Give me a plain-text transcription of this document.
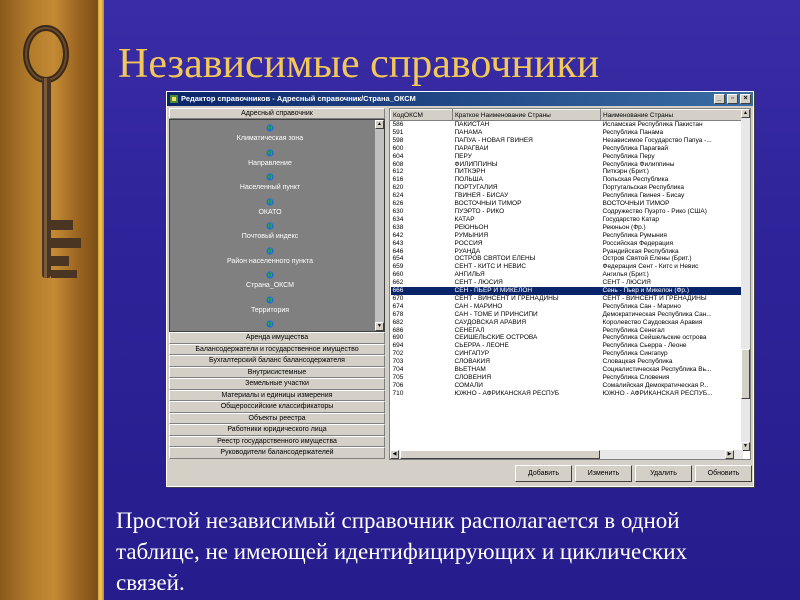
Независимые справочники
Редактор справочников - Адресный справочник/Страна_ОКСМ	_	▫	×
Адресный справочник
▲
▼
Климатическая зона
Направление
Населенный пункт
ОКАТО
Почтовый индекс
Район населенного пункта
Страна_ОКСМ
Территория
Аренда имущества
Балансодержатели и государственное имущество
Бухгалтерский баланс балансодержателя
Внутрисистемные
Земельные участки
Материалы и единицы измерения
Общероссийские классификаторы
Объекты реестра
Работники юридического лица
Реестр государственного имущества
Руководители балансодержателей
КодОКСМ	Краткое Наименование Страны	Наименование Страны
586	ПАКИСТАН	Исламская Республика Пакистан
591	ПАНАМА	Республика Панама
598	ПАПУА - НОВАЯ ГВИНЕЯ	Независимое Государство Папуа -...
600	ПАРАГВАЙ	Республика Парагвай
604	ПЕРУ	Республика Перу
608	ФИЛИППИНЫ	Республика Филиппины
612	ПИТКЭРН	Питкэрн (Брит.)
616	ПОЛЬША	Польская Республика
620	ПОРТУГАЛИЯ	Португальская Республика
624	ГВИНЕЯ - БИСАУ	Республика Гвинея - Бисау
626	ВОСТОЧНЫЙ ТИМОР	ВОСТОЧНЫЙ ТИМОР
630	ПУЭРТО - РИКО	Содружество Пуэрто - Рико (США)
634	КАТАР	Государство Катар
638	РЕЮНЬОН	Реюньон (Фр.)
642	РУМЫНИЯ	Республика Румыния
643	РОССИЯ	Российская Федерация
646	РУАНДА	Руандийская Республика
654	ОСТРОВ СВЯТОЙ ЕЛЕНЫ	Остров Святой Елены (Брит.)
659	СЕНТ - КИТС И НЕВИС	Федерация Сент - Китс и Невис
660	АНГИЛЬЯ	Ангилья (Брит.)
662	СЕНТ - ЛЮСИЯ	СЕНТ - ЛЮСИЯ
666	СЕН - ПЬЕР И МИКЕЛОН	Сень - Пьер и Микелон (Фр.)
670	СЕНТ - ВИНСЕНТ И ГРЕНАДИНЫ	СЕНТ - ВИНСЕНТ И ГРЕНАДИНЫ
674	САН - МАРИНО	Республика Сан - Марино
678	САН - ТОМЕ И ПРИНСИПИ	Демократическая Республика Сан...
682	САУДОВСКАЯ АРАВИЯ	Королевство Саудовская Аравия
686	СЕНЕГАЛ	Республика Сенегал
690	СЕЙШЕЛЬСКИЕ ОСТРОВА	Республика Сейшельские острова
694	СЬЕРРА - ЛЕОНЕ	Республика Сьерра - Леоне
702	СИНГАПУР	Республика Сингапур
703	СЛОВАКИЯ	Словацкая Республика
704	ВЬЕТНАМ	Социалистическая Республика Вь...
705	СЛОВЕНИЯ	Республика Словения
706	СОМАЛИ	Сомалийская Демократическая Р...
710	ЮЖНО - АФРИКАНСКАЯ РЕСПУБ	ЮЖНО - АФРИКАНСКАЯ РЕСПУБ...
▲
▼
◀	▶
Добавить	Изменить	Удалить	Обновить
Простой независимый справочник располагается в одной таблице, не имеющей идентифицирующих и циклических связей.
